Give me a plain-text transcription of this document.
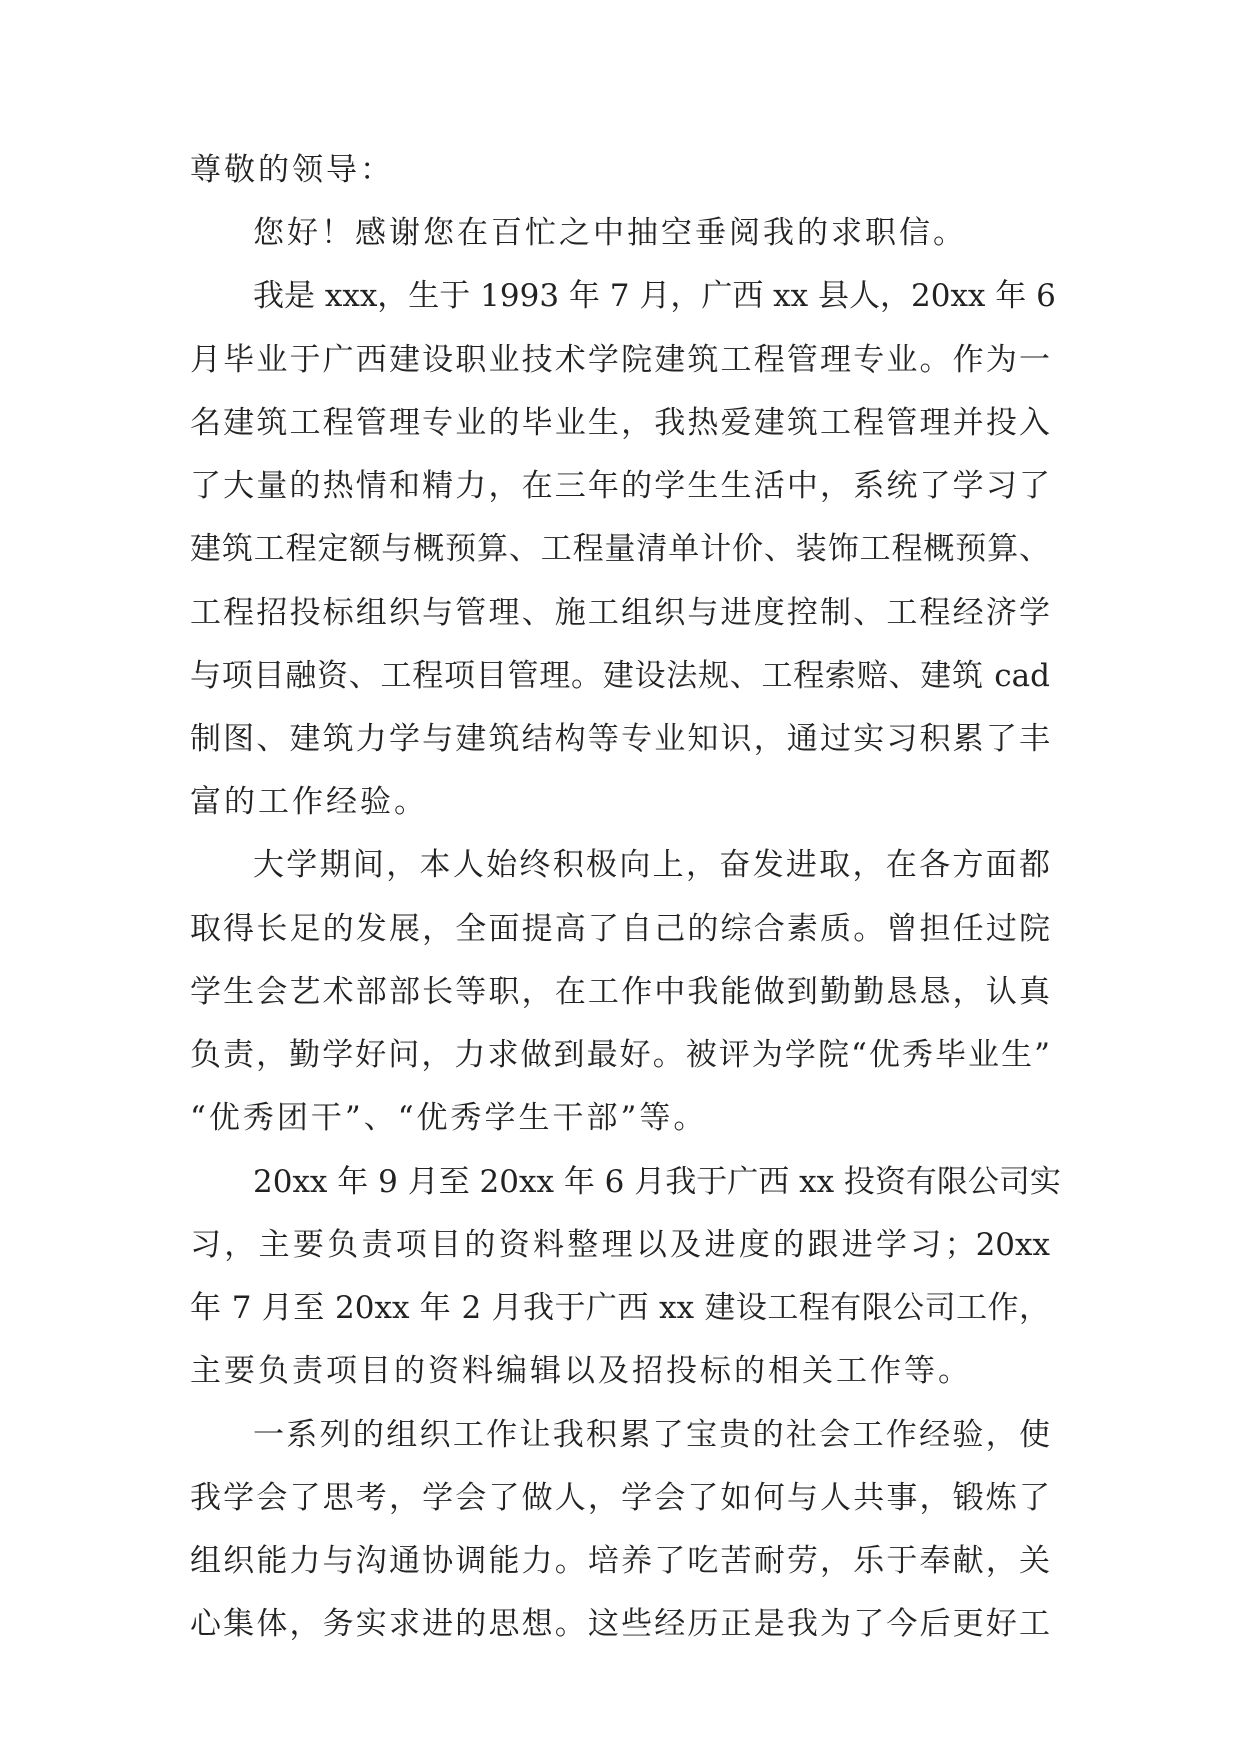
尊敬的领导：
您好！感谢您在百忙之中抽空垂阅我的求职信。
我是 xxx，生于 1993 年 7 月，广西 xx 县人，20xx 年 6
月毕业于广西建设职业技术学院建筑工程管理专业。作为一
名建筑工程管理专业的毕业生，我热爱建筑工程管理并投入
了大量的热情和精力，在三年的学生生活中，系统了学习了
建筑工程定额与概预算、工程量清单计价、装饰工程概预算、
工程招投标组织与管理、施工组织与进度控制、工程经济学
与项目融资、工程项目管理。建设法规、工程索赔、建筑 cad
制图、建筑力学与建筑结构等专业知识，通过实习积累了丰
富的工作经验。
大学期间，本人始终积极向上，奋发进取，在各方面都
取得长足的发展，全面提高了自己的综合素质。曾担任过院
学生会艺术部部长等职，在工作中我能做到勤勤恳恳，认真
负责，勤学好问，力求做到最好。被评为学院“优秀毕业生”
“优秀团干”、“优秀学生干部”等。
20xx 年 9 月至 20xx 年 6 月我于广西 xx 投资有限公司实
习，主要负责项目的资料整理以及进度的跟进学习；20xx
年 7 月至 20xx 年 2 月我于广西 xx 建设工程有限公司工作，
主要负责项目的资料编辑以及招投标的相关工作等。
一系列的组织工作让我积累了宝贵的社会工作经验，使
我学会了思考，学会了做人，学会了如何与人共事，锻炼了
组织能力与沟通协调能力。培养了吃苦耐劳，乐于奉献，关
心集体，务实求进的思想。这些经历正是我为了今后更好工
